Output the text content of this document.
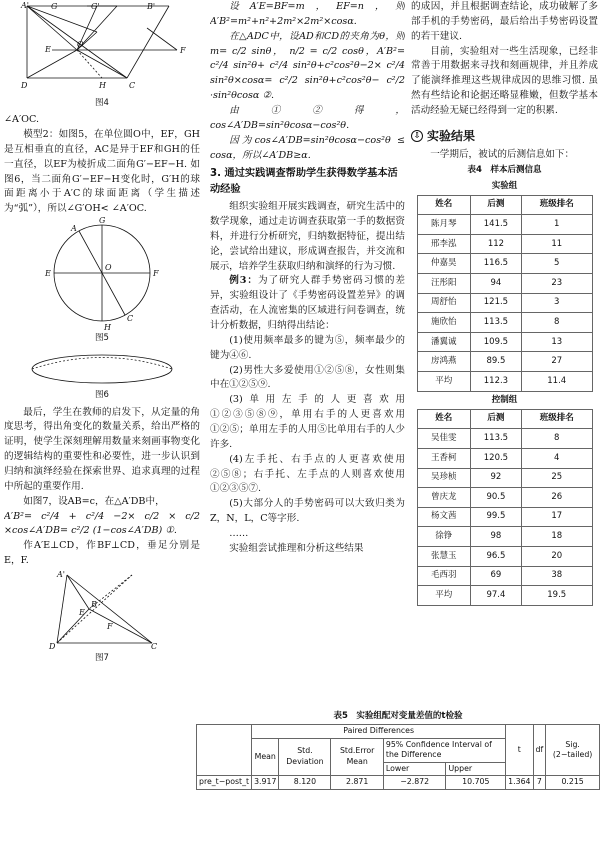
A'	G	G'	B'
E
O
F
D	H	C
图4

∠A′OC.

模型2：如图5，在单位圆O中，EF，GH是互相垂直的直径，AC是异于EF和GH的任一直径，以EF为棱折成二面角G′−EF−H. 如图6，当二面角G′−EF−H变化时，G′H的球面距离小于A′C的球面距离（学生描述为“弧”），所以∠G′OH< ∠A′OC.

G
A
E
O
F
C
H
图5
图6

最后，学生在教师的启发下，从定量的角度思考，得出角变化的数量关系，给出严格的证明，使学生深刻理解用数量来刻画事物变化的逻辑结构的重要性和必要性，进一步认识到归纳和演绎经验在探索世界、追求真理的过程中所起的重要作用.

如图7，设AB=c，在△A′DB中，

A′B²= c²/4 + c²/4 −2× c/2 × c/2 ×cos∠A′DB= c²/2 (1−cos∠A′DB) ①.

作A′E⊥CD，作BF⊥CD，垂足分别是E，F.

A'
D
E
B
F
C
图7

设A′E=BF=m，EF=n，则A′B²=m²+n²+2m²×2m²×cosα.

在△ADC中，设AD和CD的夹角为θ，则m= c/2 sinθ， n/2 = c/2 cosθ，A′B²= c²/4 sin²θ+ c²/4 sin²θ+c²cos²θ−2× c²/4 sin²θ×cosα= c²/2 sin²θ+c²cos²θ− c²/2 ·sin²θcosα ②.

由①②得，cos∠A′DB=sin²θcosα−cos²θ.

因为cos∠A′DB=sin²θcosα−cos²θ ≤ cosα，所以∠A′DB≥α.

3. 通过实践调查帮助学生获得数学基本活动经验

组织实验组开展实践调查，研究生活中的数学现象，通过走访调查获取第一手的数据资料，并进行分析研究，归纳数据特征，提出结论，尝试给出建议，形成调查报告，并交流和展示，培养学生获取归纳和演绎的行为习惯.

例3：为了研究人群手势密码习惯的差异，实验组设计了《手势密码设置差异》的调查活动，在人流密集的区域进行问卷调查，统计分析数据，归纳得出结论：

(1)使用频率最多的键为⑤，频率最少的键为④⑥.

(2)男性大多爱使用①②⑤⑧，女性则集中在①②⑤⑨.

(3)单用左手的人更喜欢用①②③⑤⑧⑨，单用右手的人更喜欢用①②⑤；单用左手的人用⑤比单用右手的人少许多.

(4)左手托、右手点的人更喜欢使用②⑤⑧；右手托、左手点的人则喜欢使用①②③⑤⑦.

(5)大部分人的手势密码可以大致归类为Z，N，L，C等字形.

……

实验组尝试推理和分析这些结果

的成因，并且根据调查结论，成功破解了多部手机的手势密码，最后给出手势密码设置的若干建议.

目前，实验组对一些生活现象，已经非常善于用数据来寻找和刻画规律，并且养成了能演绎推理这些规律成因的思维习惯. 虽然有些结论和论据还略显稚嫩，但数学基本活动经验无疑已经得到一定的积累.

⇩ 实验结果

一学期后，被试的后测信息如下：

表4　样本后测信息
实验组
姓名	后测	班级排名
陈月琴	141.5	1
邢李泓	112	11
仲嘉昊	116.5	5
汪彤阳	94	23
周舒怡	121.5	3
施欣怡	113.5	8
潘翼诚	109.5	13
房鸿燕	89.5	27
平均	112.3	11.4
控制组
姓名	后测	班级排名
吴佳雯	113.5	8
王香柯	120.5	4
吴珍桢	92	25
曾庆龙	90.5	26
杨文茜	99.5	17
徐铮	98	18
张慧玉	96.5	20
毛西羽	69	38
平均	97.4	19.5
表5　实验组配对变量差值的t检验
	Paired Differences					t	df	Sig. (2−tailed)
	Mean	Std. Deviation	Std.Error Mean	95% Confidence Interval of the Difference				
				Lower	Upper			
pre_t−post_t	3.917	8.120	2.871	−2.872	10.705	1.364	7	0.215
